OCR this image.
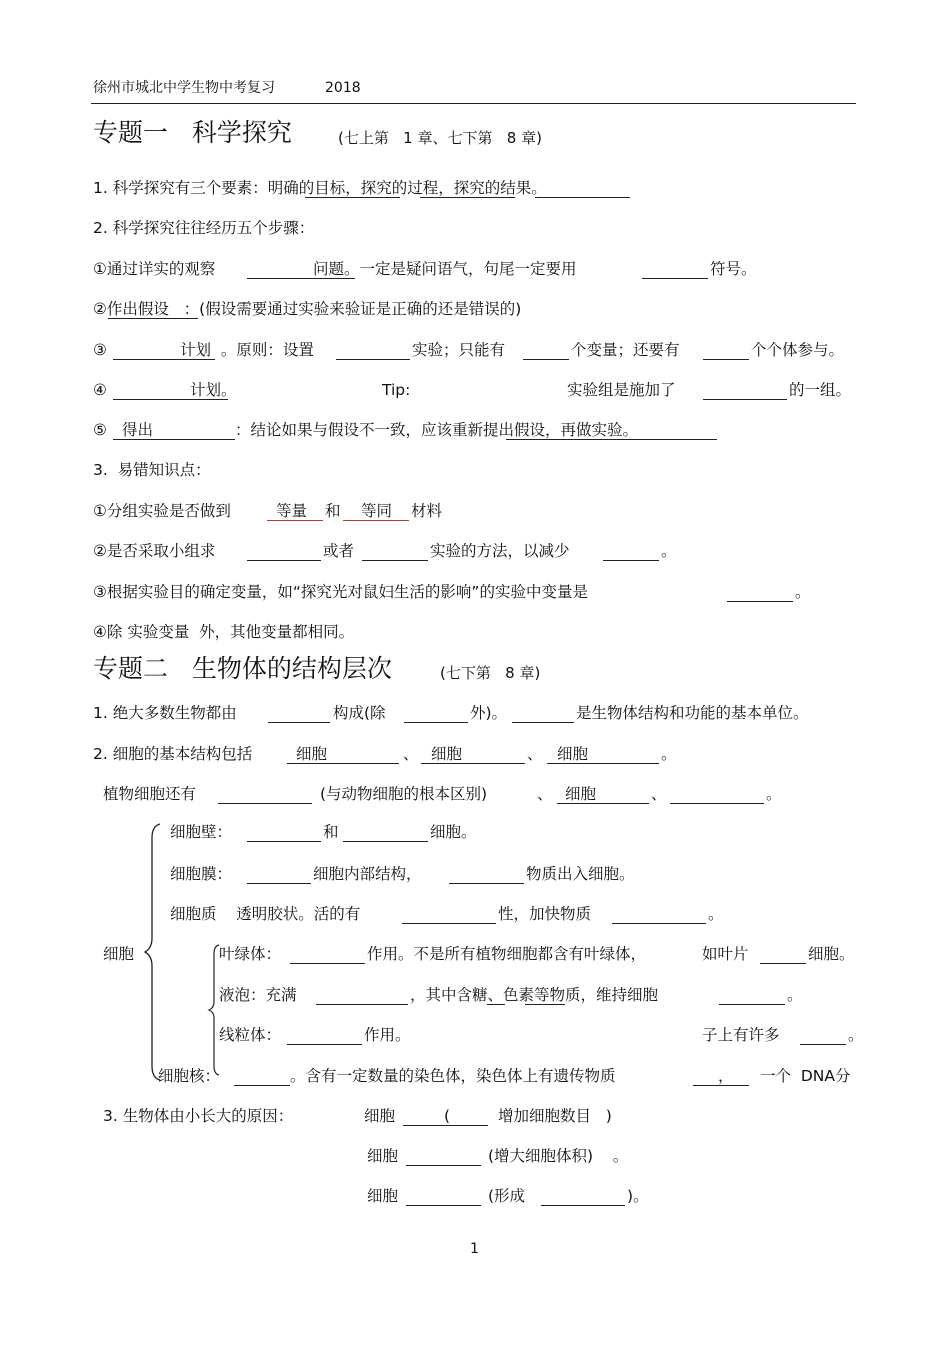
徐州市城北中学生物中考复习	2018
专题一   科学探究	(七上第   1 章、七下第   8 章)
1. 科学探究有三个要素：明确的目标，探究的过程，探究的结果。
2. 科学探究往往经历五个步骤：
①通过详实的观察	问题。一定是疑问语气，句尾一定要用	符号。
②作出假设   ：(假设需要通过实验来验证是正确的还是错误的)
③	计划  。原则：设置	实验；只能有	个变量；还要有	个个体参与。
④	计划。	Tip:	实验组是施加了	的一组。
⑤ 得出	：结论如果与假设不一致，应该重新提出假设，再做实验。
3.  易错知识点：
①分组实验是否做到	等量 和 等同 材料
②是否采取小组求	或者	实验的方法，以减少	。
③根据实验目的确定变量，如“探究光对鼠妇生活的影响”的实验中变量是	。
④除 实验变量  外，其他变量都相同。
专题二   生物体的结构层次	(七下第   8 章)
1. 绝大多数生物都由	构成(除	外)。	是生物体结构和功能的基本单位。
2. 细胞的基本结构包括	细胞	、 细胞	、 细胞	。
植物细胞还有	(与动物细胞的根本区别)	、 细胞	、	。
细胞
细胞壁：	和	细胞。
细胞膜：	细胞内部结构，	物质出入细胞。
细胞质    透明胶状。活的有	性，加快物质	。
叶绿体：	作用。不是所有植物细胞都含有叶绿体，	如叶片	细胞。
液泡：充满	，其中含糖、色素等物质，维持细胞	。
线粒体：	作用。	子上有许多	。
细胞核：	。含有一定数量的染色体，染色体上有遗传物质	， 一个  DNA分
3. 生物体由小长大的原因：	细胞	(	增加细胞数目   )
细胞	(增大细胞体积)    。
细胞	(形成	)。
1
